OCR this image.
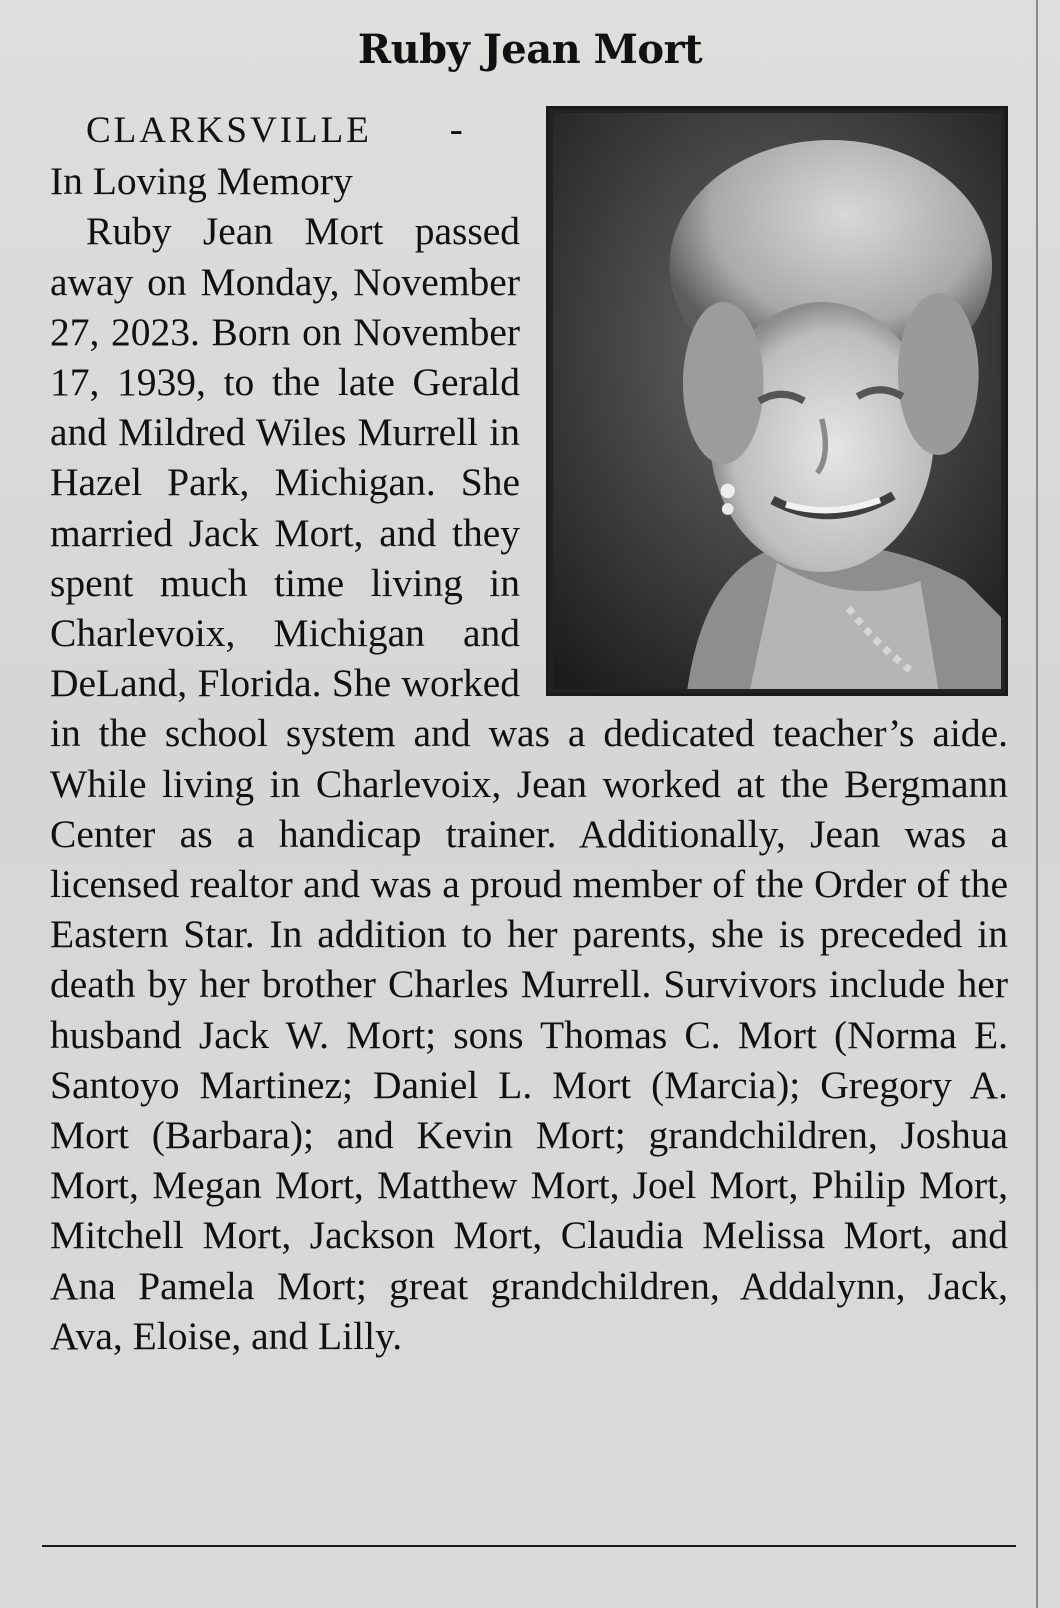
Ruby Jean Mort
CLARKSVILLE -
In Loving Memory
Ruby Jean Mort passed away on Monday, November 27, 2023. Born on November 17, 1939, to the late Gerald and Mildred Wiles Murrell in Hazel Park, Michigan. She married Jack Mort, and they spent much time living in Charlevoix, Michigan and DeLand, Florida. She worked in the school system and was a dedicated teacher’s aide. While living in Charlevoix, Jean worked at the Bergmann Center as a handicap trainer. Additionally, Jean was a licensed realtor and was a proud member of the Order of the Eastern Star. In addition to her parents, she is preceded in death by her brother Charles Murrell. Survivors include her husband Jack W. Mort; sons Thomas C. Mort (Norma E. Santoyo Martinez; Daniel L. Mort (Marcia); Gregory A. Mort (Barbara); and Kevin Mort; grandchildren, Joshua Mort, Megan Mort, Matthew Mort, Joel Mort, Philip Mort, Mitchell Mort, Jackson Mort, Claudia Melissa Mort, and Ana Pamela Mort; great grandchildren, Addalynn, Jack, Ava, Eloise, and Lilly.
